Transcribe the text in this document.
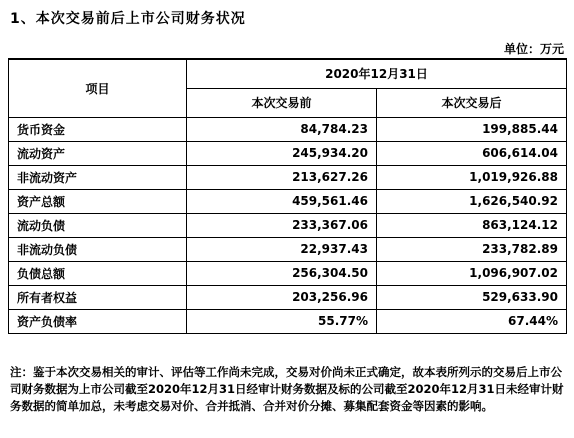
1、本次交易前后上市公司财务状况
单位：万元
项目	2020年12月31日	
	本次交易前	本次交易后
货币资金	84,784.23	199,885.44
流动资产	245,934.20	606,614.04
非流动资产	213,627.26	1,019,926.88
资产总额	459,561.46	1,626,540.92
流动负债	233,367.06	863,124.12
非流动负债	22,937.43	233,782.89
负债总额	256,304.50	1,096,907.02
所有者权益	203,256.96	529,633.90
资产负债率	55.77%	67.44%
注：鉴于本次交易相关的审计、评估等工作尚未完成，交易对价尚未正式确定，故本表所列示的交易后上市公司财务数据为上市公司截至2020年12月31日经审计财务数据及标的公司截至2020年12月31日未经审计财务数据的简单加总，未考虑交易对价、合并抵消、合并对价分摊、募集配套资金等因素的影响。
